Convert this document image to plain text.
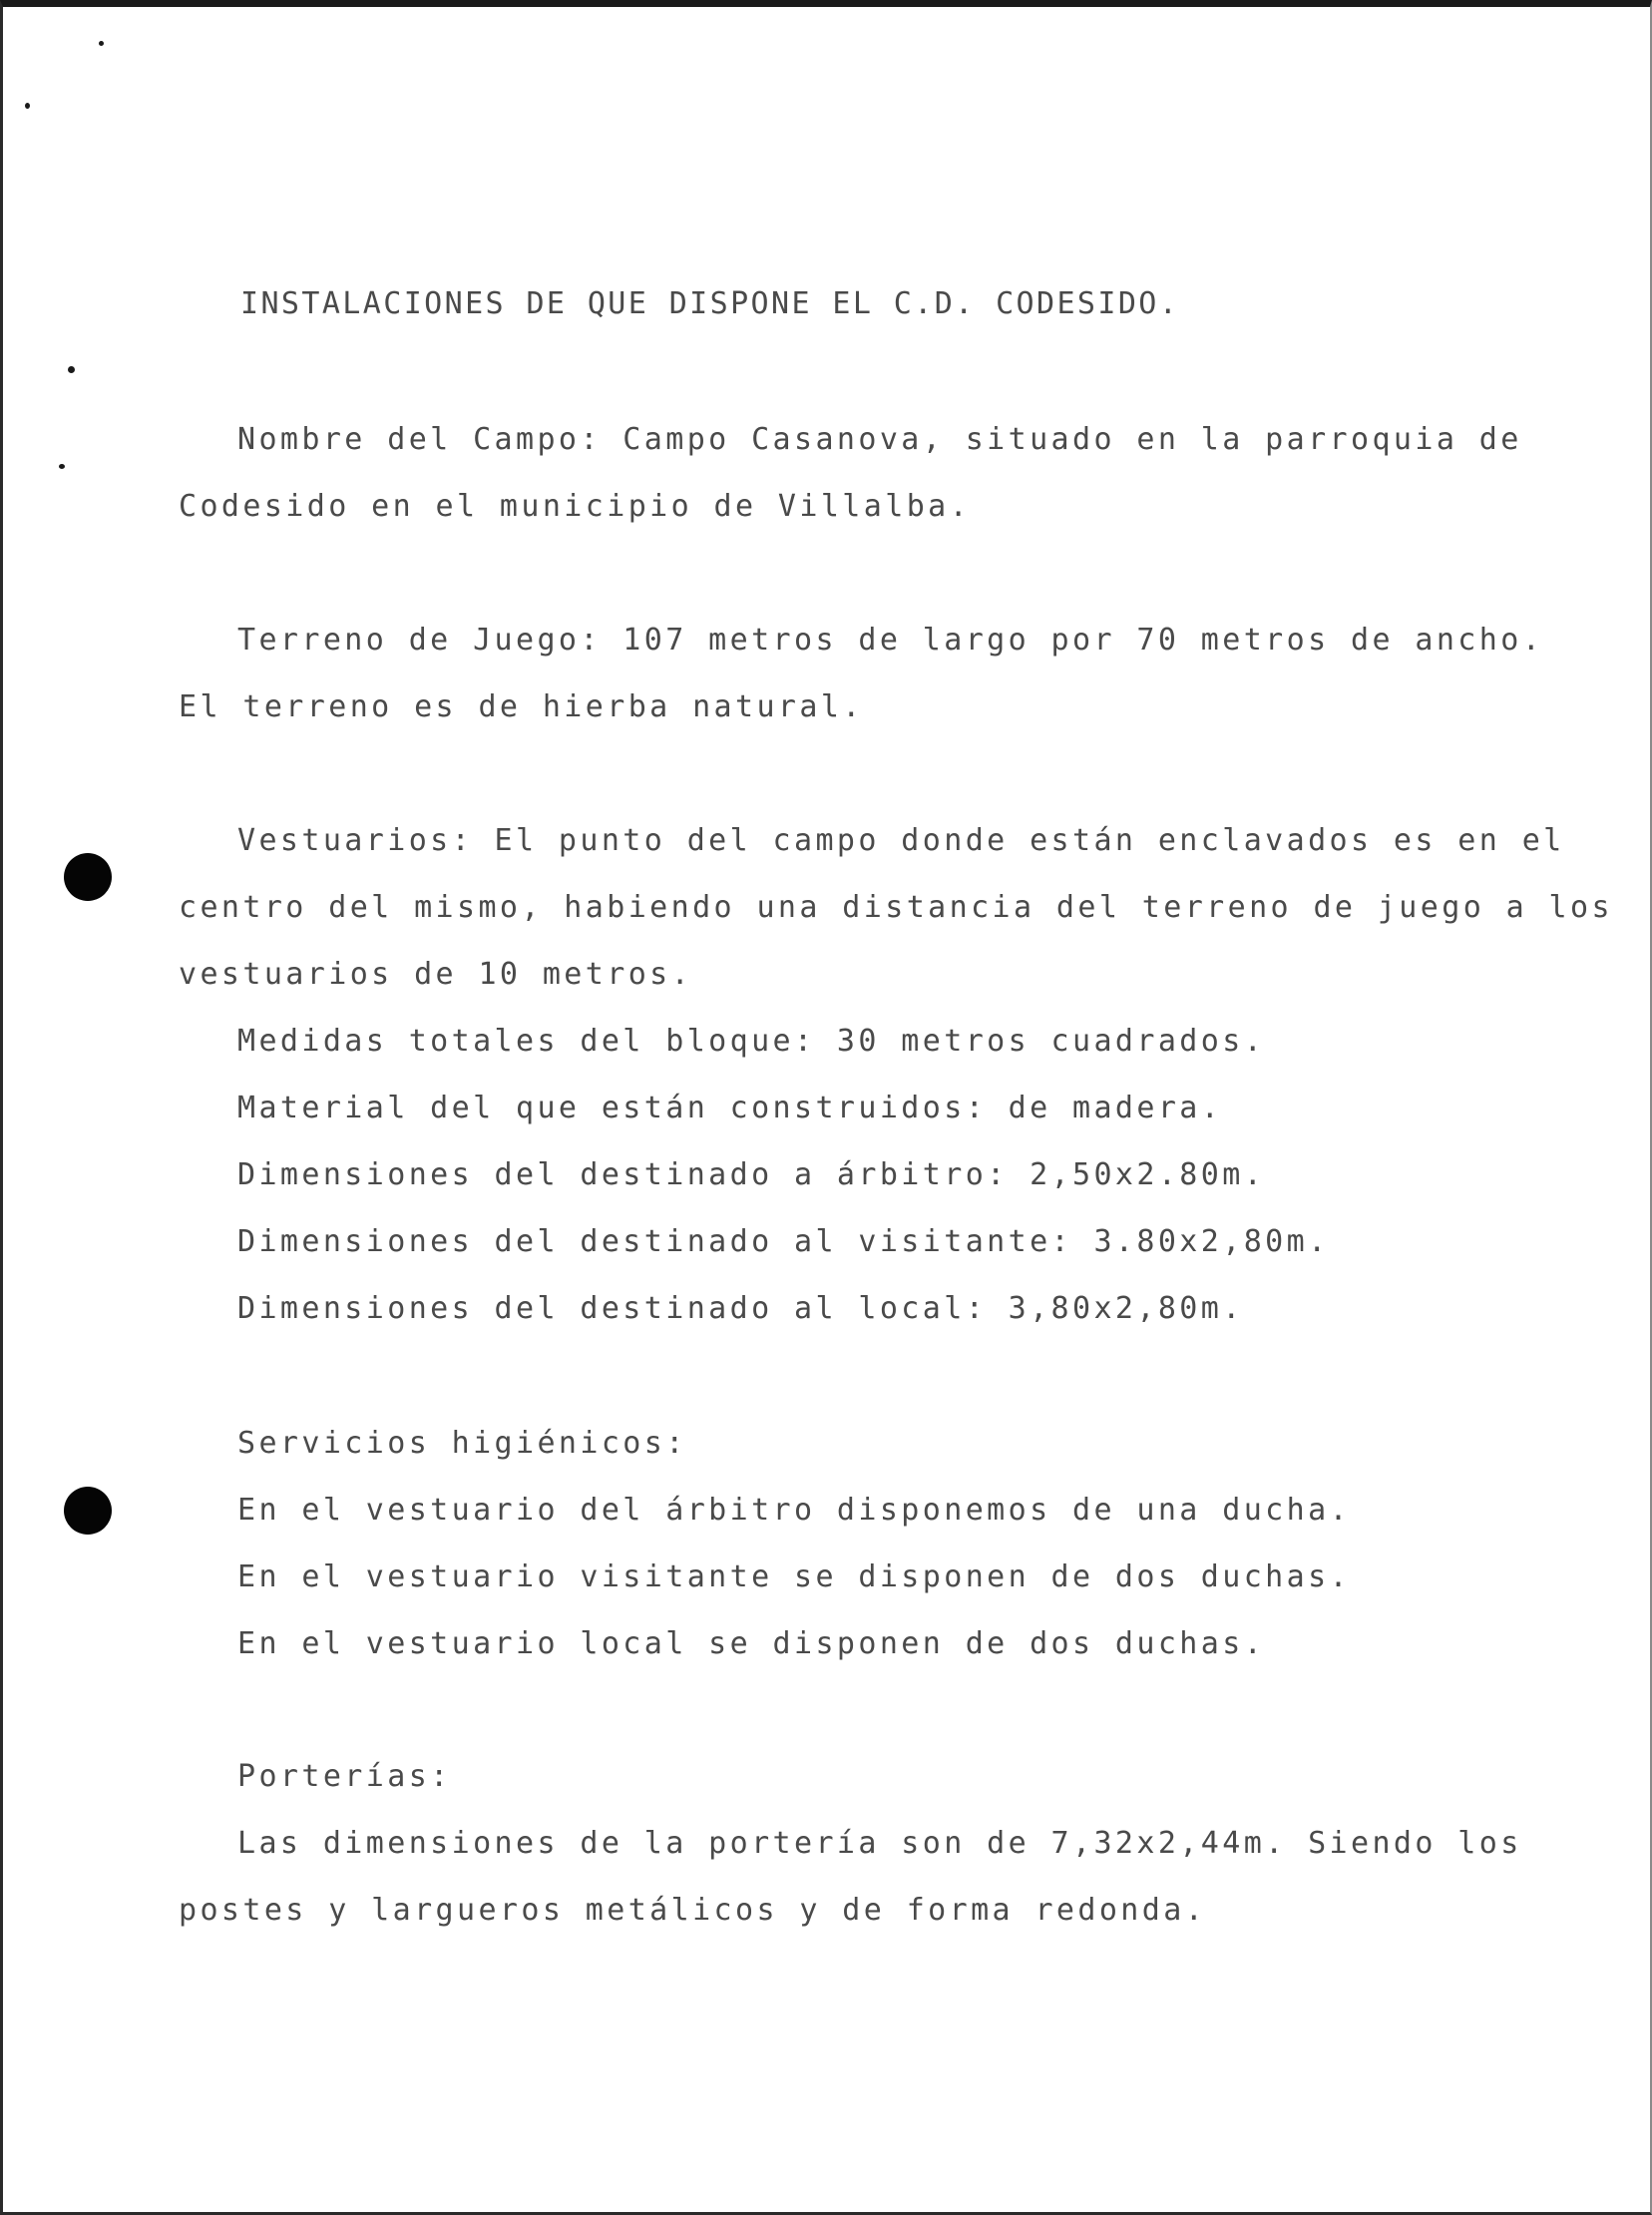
INSTALACIONES DE QUE DISPONE EL C.D. CODESIDO.
Nombre del Campo: Campo Casanova, situado en la parroquia de
Codesido en el municipio de Villalba.
Terreno de Juego: 107 metros de largo por 70 metros de ancho.
El terreno es de hierba natural.
Vestuarios: El punto del campo donde están enclavados es en el
centro del mismo, habiendo una distancia del terreno de juego a los
vestuarios de 10 metros.
Medidas totales del bloque: 30 metros cuadrados.
Material del que están construidos: de madera.
Dimensiones del destinado a árbitro: 2,50x2.80m.
Dimensiones del destinado al visitante: 3.80x2,80m.
Dimensiones del destinado al local: 3,80x2,80m.
Servicios higiénicos:
En el vestuario del árbitro disponemos de una ducha.
En el vestuario visitante se disponen de dos duchas.
En el vestuario local se disponen de dos duchas.
Porterías:
Las dimensiones de la portería son de 7,32x2,44m. Siendo los
postes y largueros metálicos y de forma redonda.
